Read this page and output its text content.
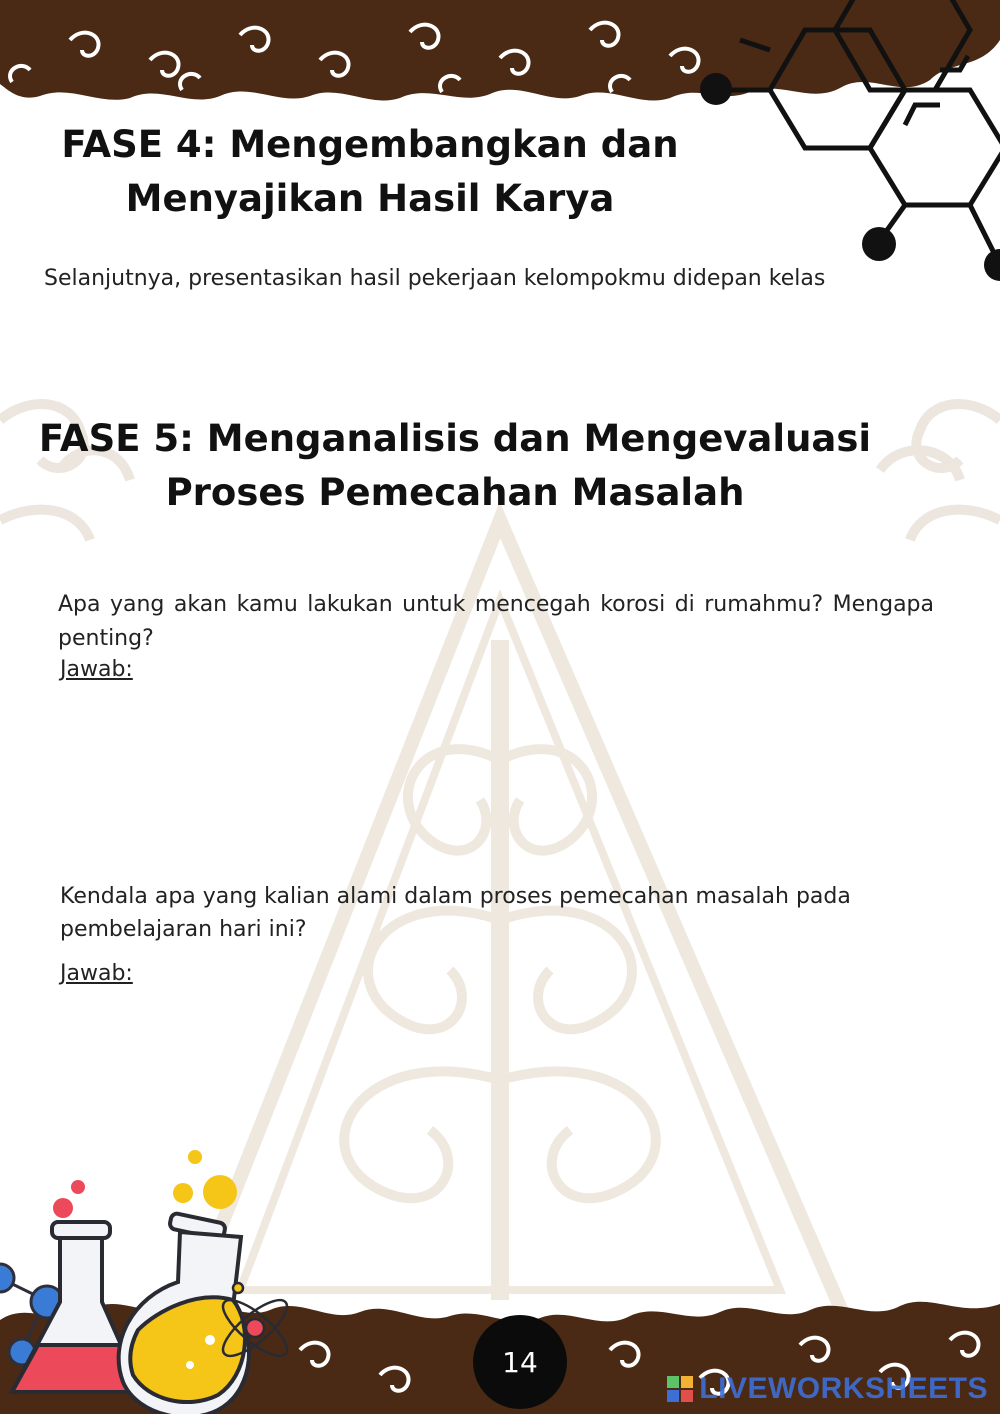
FASE 4: Mengembangkan dan
Menyajikan Hasil Karya
Selanjutnya, presentasikan hasil pekerjaan kelompokmu didepan kelas
FASE 5: Menganalisis dan Mengevaluasi
Proses Pemecahan Masalah
Apa yang akan kamu lakukan untuk mencegah korosi di rumahmu? Mengapa penting?
Jawab:
Kendala apa yang kalian alami dalam proses pemecahan masalah pada pembelajaran hari ini?
Jawab:
14
LIVEWORKSHEETS
